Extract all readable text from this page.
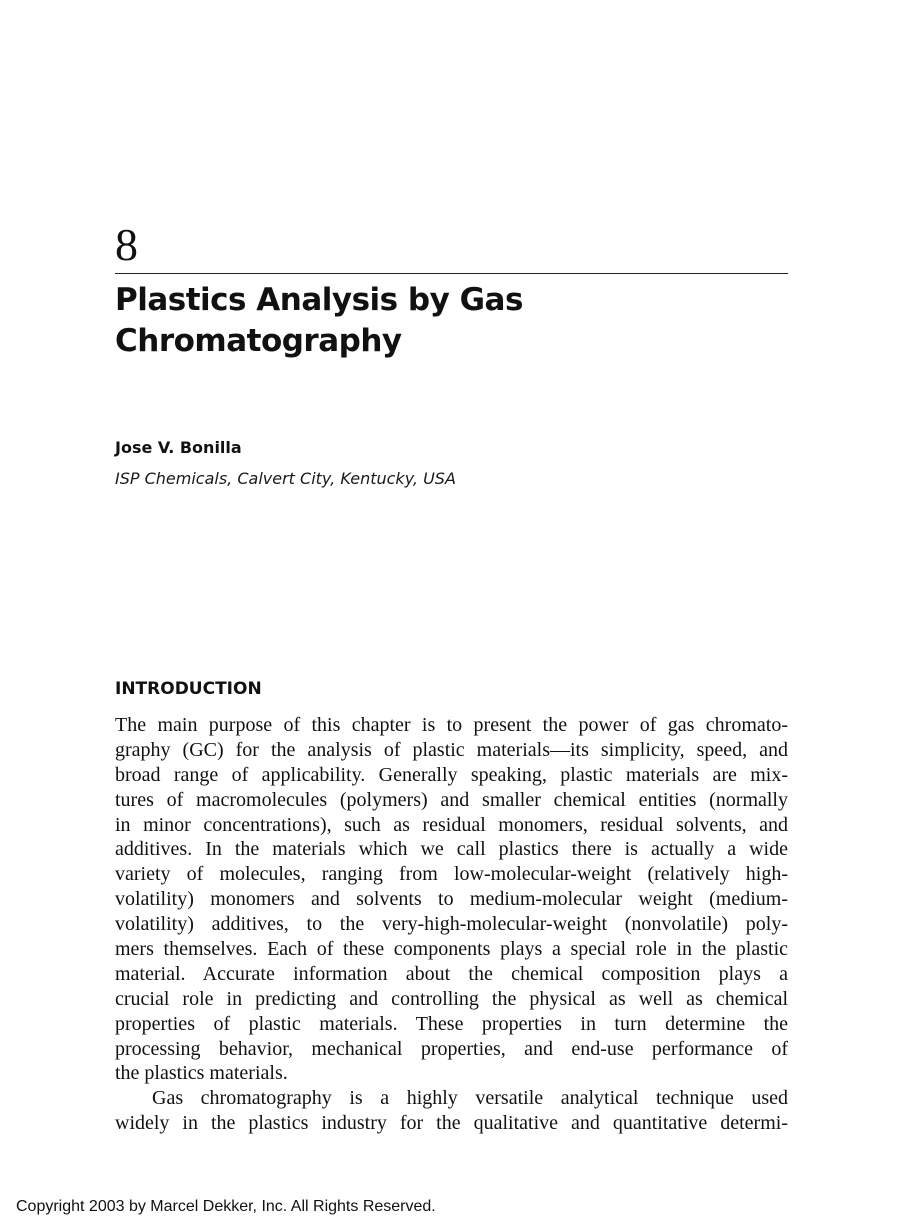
8
Plastics Analysis by Gas
Chromatography
Jose V. Bonilla
ISP Chemicals, Calvert City, Kentucky, USA
INTRODUCTION
The main purpose of this chapter is to present the power of gas chromato-
graphy (GC) for the analysis of plastic materials—its simplicity, speed, and
broad range of applicability. Generally speaking, plastic materials are mix-
tures of macromolecules (polymers) and smaller chemical entities (normally
in minor concentrations), such as residual monomers, residual solvents, and
additives. In the materials which we call plastics there is actually a wide
variety of molecules, ranging from low-molecular-weight (relatively high-
volatility) monomers and solvents to medium-molecular weight (medium-
volatility) additives, to the very-high-molecular-weight (nonvolatile) poly-
mers themselves. Each of these components plays a special role in the plastic
material. Accurate information about the chemical composition plays a
crucial role in predicting and controlling the physical as well as chemical
properties of plastic materials. These properties in turn determine the
processing behavior, mechanical properties, and end-use performance of
the plastics materials.
Gas chromatography is a highly versatile analytical technique used
widely in the plastics industry for the qualitative and quantitative determi-
Copyright 2003 by Marcel Dekker, Inc. All Rights Reserved.
